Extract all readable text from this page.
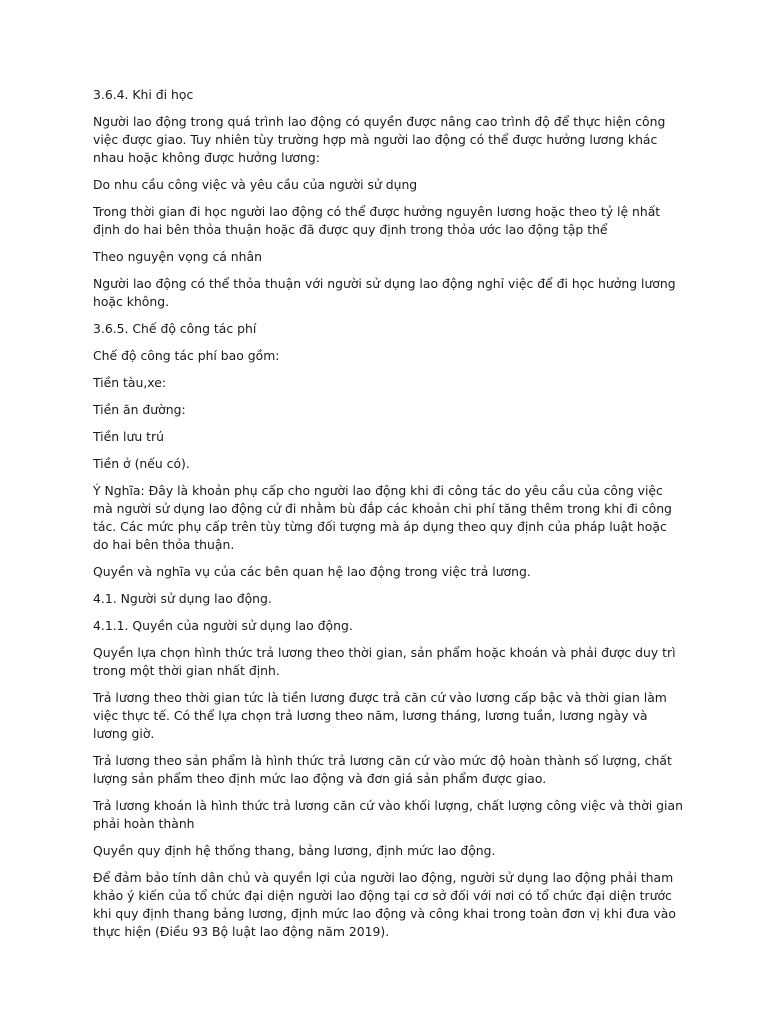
3.6.4. Khi đi học

Người lao động trong quá trình lao động có quyền được nâng cao trình độ để thực hiện công việc được giao. Tuy nhiên tùy trường hợp mà người lao động có thể được hưởng lương khác nhau hoặc không được hưởng lương:

Do nhu cầu công việc và yêu cầu của người sử dụng

Trong thời gian đi học người lao động có thể được hưởng nguyên lương hoặc theo tỷ lệ nhất định do hai bên thỏa thuận hoặc đã được quy định trong thỏa ước lao động tập thể

Theo nguyện vọng cá nhân

Người lao động có thể thỏa thuận với người sử dụng lao động nghỉ việc để đi học hưởng lương hoặc không.

3.6.5. Chế độ công tác phí

Chế độ công tác phí bao gồm:

Tiền tàu,xe:

Tiền ăn đường:

Tiền lưu trú

Tiền ở (nếu có).

Ý Nghĩa: Đây là khoản phụ cấp cho người lao động khi đi công tác do yêu cầu của công việc mà người sử dụng lao động cử đi nhằm bù đắp các khoản chi phí tăng thêm trong khi đi công tác. Các mức phụ cấp trên tùy từng đối tượng mà áp dụng theo quy định của pháp luật hoặc do hai bên thỏa thuận.

Quyền và nghĩa vụ của các bên quan hệ lao động trong việc trả lương.

4.1. Người sử dụng lao động.

4.1.1. Quyền của người sử dụng lao động.

Quyền lựa chọn hình thức trả lương theo thời gian, sản phẩm hoặc khoán và phải được duy trì trong một thời gian nhất định.

Trả lương theo thời gian tức là tiền lương được trả căn cứ vào lương cấp bậc và thời gian làm việc thực tế. Có thể lựa chọn trả lương theo năm, lương tháng, lương tuần, lương ngày và lương giờ.

Trả lương theo sản phẩm là hình thức trả lương căn cứ vào mức độ hoàn thành số lượng, chất lượng sản phẩm theo định mức lao động và đơn giá sản phẩm được giao.

Trả lương khoán là hình thức trả lương căn cứ vào khối lượng, chất lượng công việc và thời gian phải hoàn thành

Quyền quy định hệ thống thang, bảng lương, định mức lao động.

Để đảm bảo tính dân chủ và quyền lợi của người lao động, người sử dụng lao động phải tham khảo ý kiến của tổ chức đại diện người lao động tại cơ sở đối với nơi có tổ chức đại diện trước khi quy định thang bảng lương, định mức lao động và công khai trong toàn đơn vị khi đưa vào thực hiện (Điều 93 Bộ luật lao động năm 2019).
